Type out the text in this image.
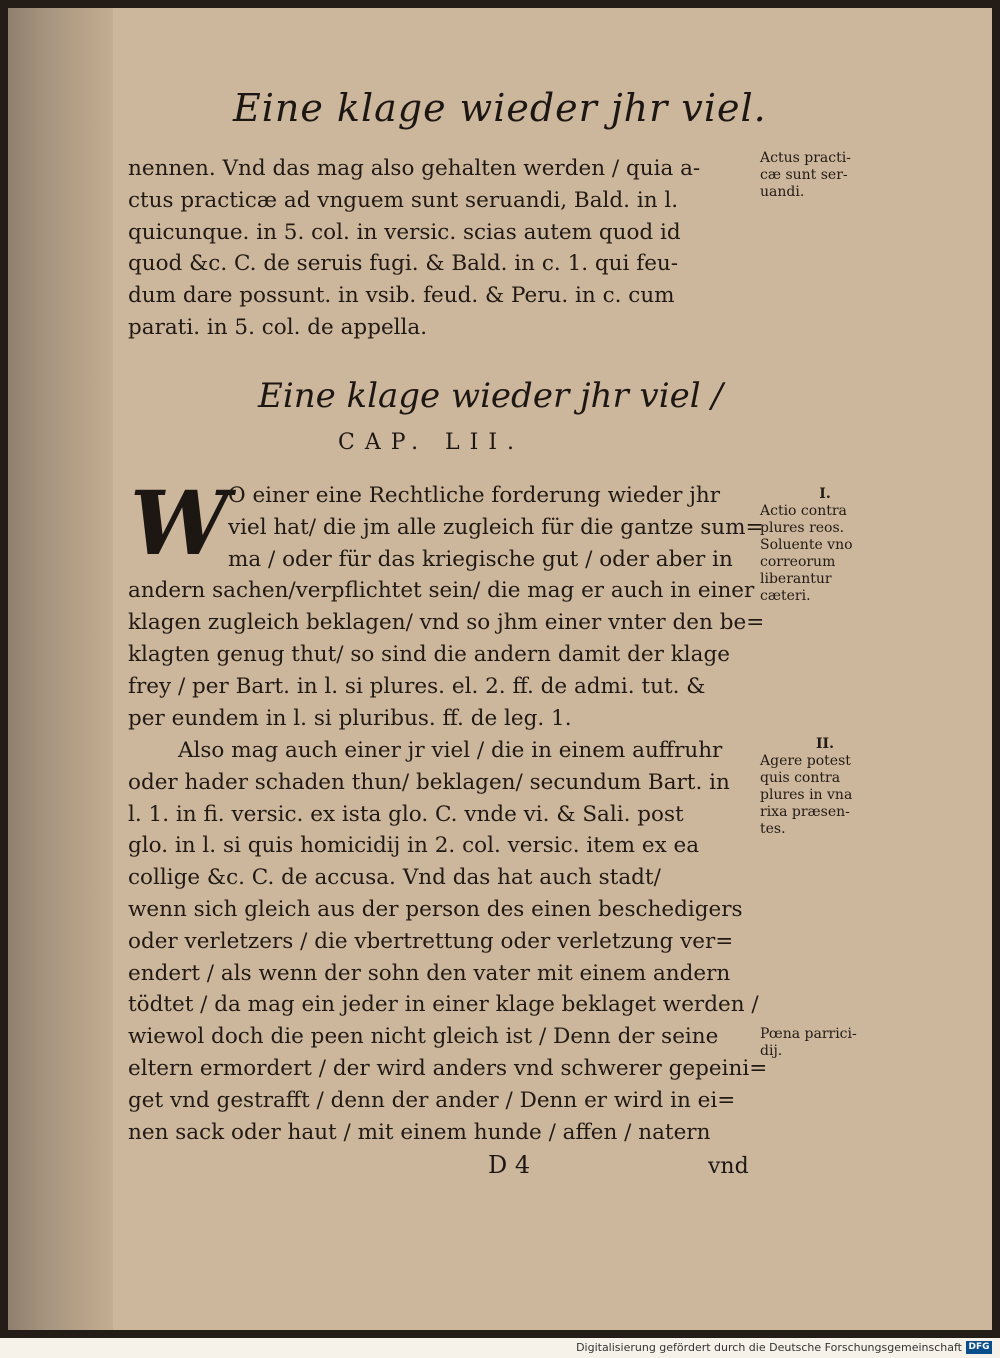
Eine klage wieder jhr viel.
nennen. Vnd das mag also gehalten werden / quia a-
ctus practicæ ad vnguem sunt seruandi, Bald. in l.
quicunque. in 5. col. in versic. scias autem quod id
quod &c. C. de seruis fugi. & Bald. in c. 1. qui feu-
dum dare possunt. in vsib. feud. & Peru. in c. cum
parati. in 5. col. de appella.
Eine klage wieder jhr viel /
CAP. LII.
W O einer eine Rechtliche forderung wieder jhr
viel hat/ die jm alle zugleich für die gantze sum=
ma / oder für das kriegische gut / oder aber in
andern sachen/verpflichtet sein/ die mag er auch in einer
klagen zugleich beklagen/ vnd so jhm einer vnter den be=
klagten genug thut/ so sind die andern damit der klage
frey / per Bart. in l. si plures. el. 2. ff. de admi. tut. &
per eundem in l. si pluribus. ff. de leg. 1.
Also mag auch einer jr viel / die in einem auffruhr
oder hader schaden thun/ beklagen/ secundum Bart. in
l. 1. in fi. versic. ex ista glo. C. vnde vi. & Sali. post
glo. in l. si quis homicidij in 2. col. versic. item ex ea
collige &c. C. de accusa. Vnd das hat auch stadt/
wenn sich gleich aus der person des einen beschedigers
oder verletzers / die vbertrettung oder verletzung ver=
endert / als wenn der sohn den vater mit einem andern
tödtet / da mag ein jeder in einer klage beklaget werden /
wiewol doch die peen nicht gleich ist / Denn der seine
eltern ermordert / der wird anders vnd schwerer gepeini=
get vnd gestrafft / denn der ander / Denn er wird in ei=
nen sack oder haut / mit einem hunde / affen / natern
Actus practi-
cæ sunt ser-
uandi.
I.
Actio contra
plures reos.
Soluente vno
correorum
liberantur
cæteri.
II.
Agere potest
quis contra
plures in vna
rixa præsen-
tes.
Pœna parrici-
dij.
D 4	vnd
Digitalisierung gefördert durch die Deutsche Forschungsgemeinschaft DFG
